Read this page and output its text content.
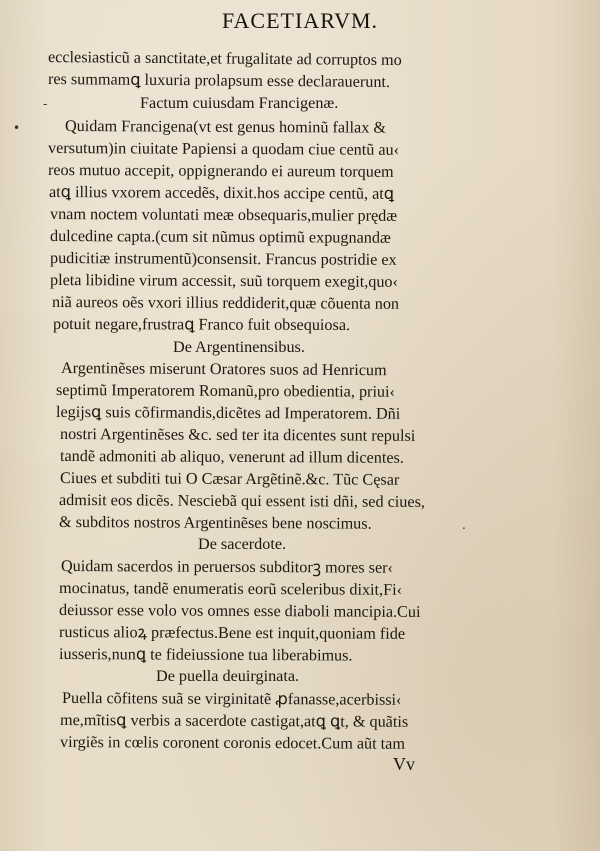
FACETIARVM.
ecclesiasticũ a sanctitate,et frugalitate ad corruptos mo
res summamꝗ luxuria prolapsum esse declarauerunt.
Factum cuiusdam Francigenæ.
Quidam Francigena(vt est genus hominũ fallax &
versutum)in ciuitate Papiensi a quodam ciue centũ au‹
reos mutuo accepit, oppignerando ei aureum torquem
atꝗ illius vxorem accedẽs, dixit.hos accipe centũ, atꝗ
vnam noctem voluntati meæ obsequaris,mulier prędæ
dulcedine capta.(cum sit nũmus optimũ expugnandæ
pudicitiæ instrumentũ)consensit. Francus postridie ex
pleta libidine virum accessit, suũ torquem exegit,quo‹
niã aureos oẽs vxori illius reddiderit,quæ cõuenta non
potuit negare,frustraꝗ Franco fuit obsequiosa.
De Argentinensibus.
Argentinẽses miserunt Oratores suos ad Henricum
septimũ Imperatorem Romanũ,pro obedientia, priui‹
legijsꝗ suis cõfirmandis,dicẽtes ad Imperatorem. Dñi
nostri Argentinẽses &c. sed ter ita dicentes sunt repulsi
tandẽ admoniti ab aliquo, venerunt ad illum dicentes.
Ciues et subditi tui O Cæsar Argẽtinẽ.&c. Tũc Cęsar
admisit eos dicẽs. Nesciebã qui essent isti dñi, sed ciues,
& subditos nostros Argentinẽses bene noscimus.
De sacerdote.
Quidam sacerdos in peruersos subditorꝫ mores ser‹
mocinatus, tandẽ enumeratis eorũ sceleribus dixit,Fi‹
deiussor esse volo vos omnes esse diaboli mancipia.Cui
rusticus alioꝝ præfectus.Bene est inquit,quoniam fide
iusseris,nunꝗ te fideiussione tua liberabimus.
De puella deuirginata.
Puella cõfitens suã se virginitatẽ ꝓfanasse,acerbissi‹
me,mĩtisꝗ verbis a sacerdote castigat,atꝗ ꝗt, & quãtis
virgiẽs in cœlis coronent coronis edocet.Cum aũt tam
Vv
•
-
.
